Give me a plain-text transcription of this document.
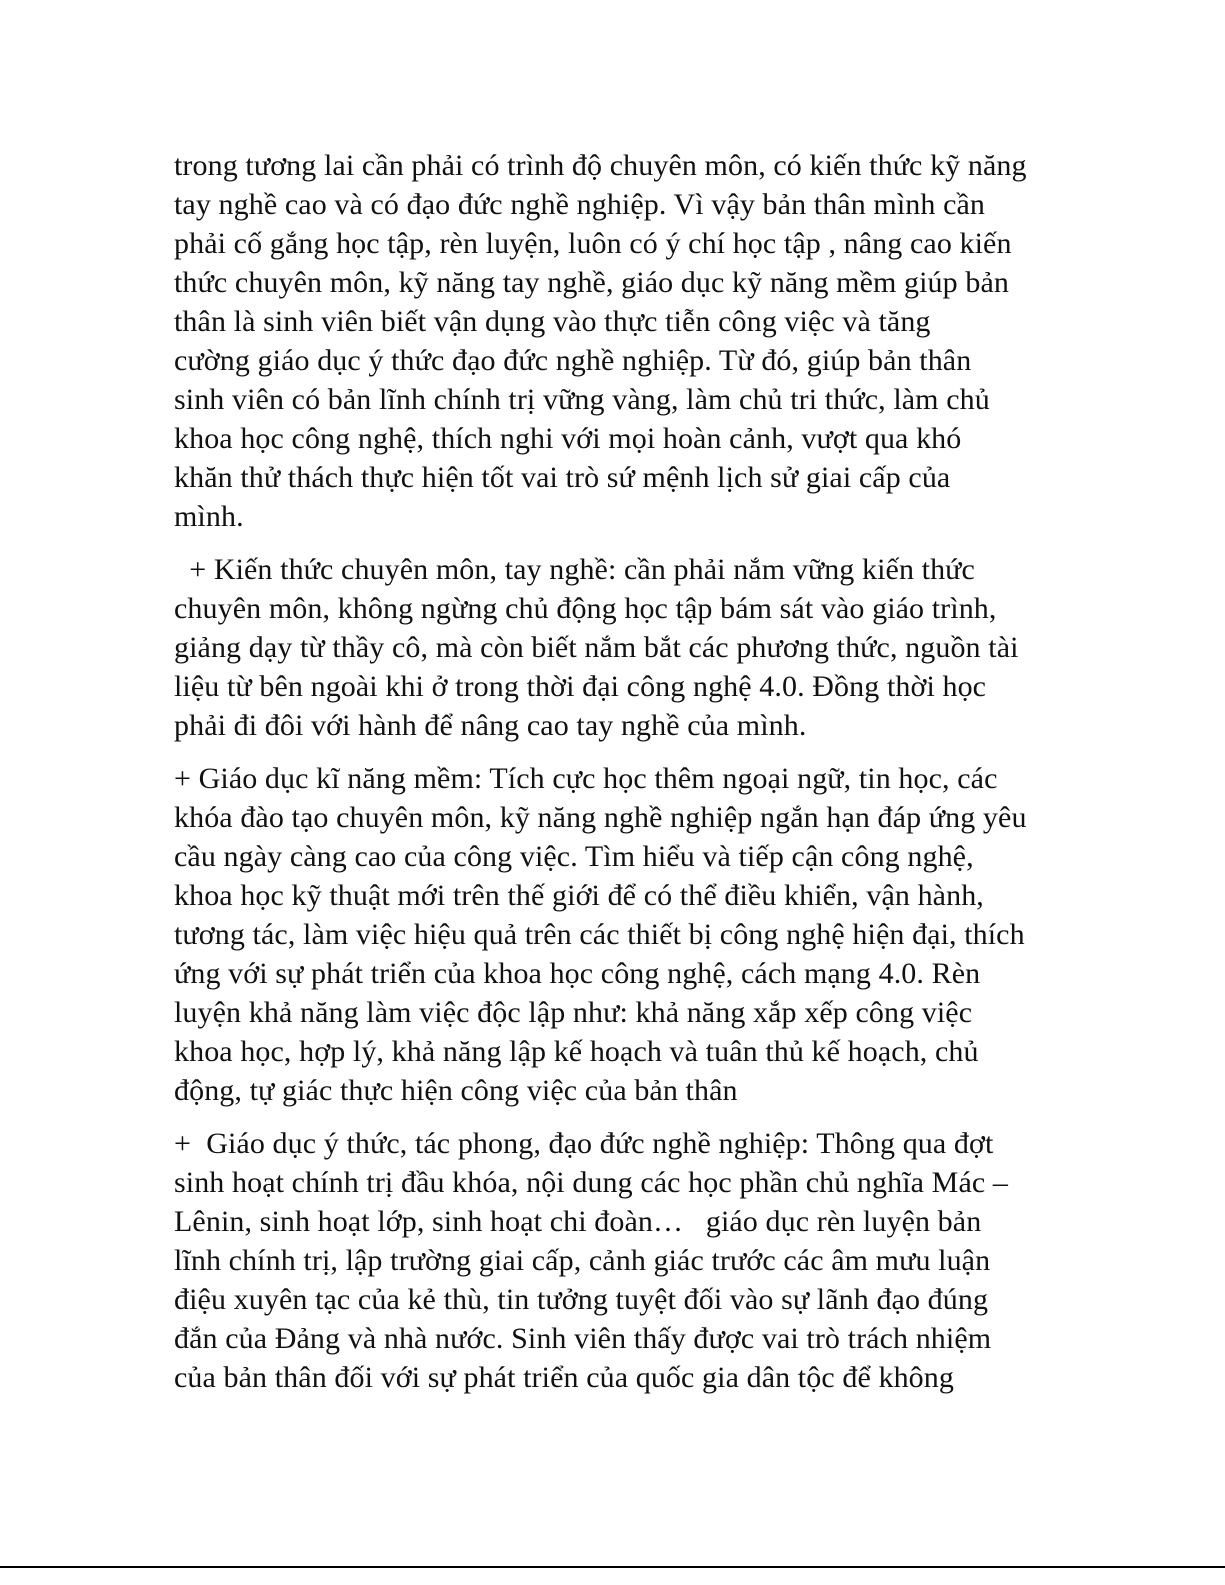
trong tương lai cần phải có trình độ chuyên môn, có kiến thức kỹ năng
tay nghề cao và có đạo đức nghề nghiệp. Vì vậy bản thân mình cần
phải cố gắng học tập, rèn luyện, luôn có ý chí học tập , nâng cao kiến
thức chuyên môn, kỹ năng tay nghề, giáo dục kỹ năng mềm giúp bản
thân là sinh viên biết vận dụng vào thực tiễn công việc và tăng
cường giáo dục ý thức đạo đức nghề nghiệp. Từ đó, giúp bản thân
sinh viên có bản lĩnh chính trị vững vàng, làm chủ tri thức, làm chủ
khoa học công nghệ, thích nghi với mọi hoàn cảnh, vượt qua khó
khăn thử thách thực hiện tốt vai trò sứ mệnh lịch sử giai cấp của
mình.

+ Kiến thức chuyên môn, tay nghề: cần phải nắm vững kiến thức
chuyên môn, không ngừng chủ động học tập bám sát vào giáo trình,
giảng dạy từ thầy cô, mà còn biết nắm bắt các phương thức, nguồn tài
liệu từ bên ngoài khi ở trong thời đại công nghệ 4.0. Đồng thời học
phải đi đôi với hành để nâng cao tay nghề của mình.

+ Giáo dục kĩ năng mềm: Tích cực học thêm ngoại ngữ, tin học, các
khóa đào tạo chuyên môn, kỹ năng nghề nghiệp ngắn hạn đáp ứng yêu
cầu ngày càng cao của công việc. Tìm hiểu và tiếp cận công nghệ,
khoa học kỹ thuật mới trên thế giới để có thể điều khiển, vận hành,
tương tác, làm việc hiệu quả trên các thiết bị công nghệ hiện đại, thích
ứng với sự phát triển của khoa học công nghệ, cách mạng 4.0. Rèn
luyện khả năng làm việc độc lập như: khả năng xắp xếp công việc
khoa học, hợp lý, khả năng lập kế hoạch và tuân thủ kế hoạch, chủ
động, tự giác thực hiện công việc của bản thân

+  Giáo dục ý thức, tác phong, đạo đức nghề nghiệp: Thông qua đợt
sinh hoạt chính trị đầu khóa, nội dung các học phần chủ nghĩa Mác –
Lênin, sinh hoạt lớp, sinh hoạt chi đoàn…   giáo dục rèn luyện bản
lĩnh chính trị, lập trường giai cấp, cảnh giác trước các âm mưu luận
điệu xuyên tạc của kẻ thù, tin tưởng tuyệt đối vào sự lãnh đạo đúng
đắn của Đảng và nhà nước. Sinh viên thấy được vai trò trách nhiệm
của bản thân đối với sự phát triển của quốc gia dân tộc để không
